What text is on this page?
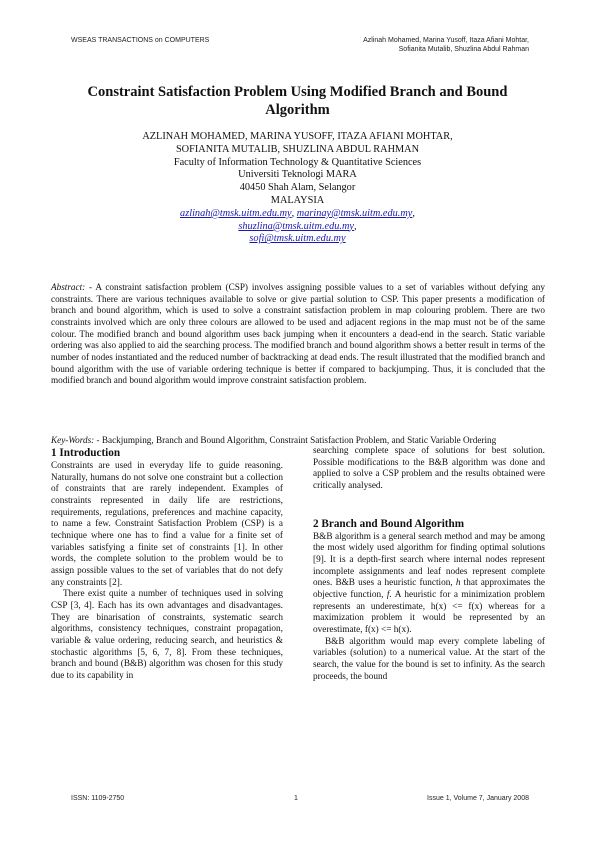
WSEAS TRANSACTIONS on COMPUTERS	Azlinah Mohamed, Marina Yusoff, Itaza Afiani Mohtar,
Sofianita Mutalib, Shuzlina Abdul Rahman
Constraint Satisfaction Problem Using Modified Branch and Bound Algorithm
AZLINAH MOHAMED, MARINA YUSOFF, ITAZA AFIANI MOHTAR,
SOFIANITA MUTALIB, SHUZLINA ABDUL RAHMAN
Faculty of Information Technology & Quantitative Sciences
Universiti Teknologi MARA
40450 Shah Alam, Selangor
MALAYSIA
azlinah@tmsk.uitm.edu.my, marinay@tmsk.uitm.edu.my,
shuzlina@tmsk.uitm.edu.my,
sofi@tmsk.uitm.edu.my
Abstract: - A constraint satisfaction problem (CSP) involves assigning possible values to a set of variables without defying any constraints. There are various techniques available to solve or give partial solution to CSP. This paper presents a modification of branch and bound algorithm, which is used to solve a constraint satisfaction problem in map colouring problem. There are two constraints involved which are only three colours are allowed to be used and adjacent regions in the map must not be of the same colour. The modified branch and bound algorithm uses back jumping when it encounters a dead-end in the search. Static variable ordering was also applied to aid the searching process. The modified branch and bound algorithm shows a better result in terms of the number of nodes instantiated and the reduced number of backtracking at dead ends. The result illustrated that the modified branch and bound algorithm with the use of variable ordering technique is better if compared to backjumping. Thus, it is concluded that the modified branch and bound algorithm would improve constraint satisfaction problem.
Key-Words: - Backjumping, Branch and Bound Algorithm, Constraint Satisfaction Problem, and Static Variable Ordering
1 Introduction

Constraints are used in everyday life to guide reasoning. Naturally, humans do not solve one constraint but a collection of constraints that are rarely independent. Examples of constraints represented in daily life are restrictions, requirements, regulations, preferences and machine capacity, to name a few. Constraint Satisfaction Problem (CSP) is a technique where one has to find a value for a finite set of variables satisfying a finite set of constraints [1]. In other words, the complete solution to the problem would be to assign possible values to the set of variables that do not defy any constraints [2].

There exist quite a number of techniques used in solving CSP [3, 4]. Each has its own advantages and disadvantages. They are binarisation of constraints, systematic search algorithms, consistency techniques, constraint propagation, variable & value ordering, reducing search, and heuristics & stochastic algorithms [5, 6, 7, 8]. From these techniques, branch and bound (B&B) algorithm was chosen for this study due to its capability in

searching complete space of solutions for best solution. Possible modifications to the B&B algorithm was done and applied to solve a CSP problem and the results obtained were critically analysed.

2 Branch and Bound Algorithm

B&B algorithm is a general search method and may be among the most widely used algorithm for finding optimal solutions [9]. It is a depth-first search where internal nodes represent incomplete assignments and leaf nodes represent complete ones. B&B uses a heuristic function, h that approximates the objective function, f. A heuristic for a minimization problem represents an underestimate, h(x) <= f(x) whereas for a maximization problem it would be represented by an overestimate, f(x) <= h(x).

B&B algorithm would map every complete labeling of variables (solution) to a numerical value. At the start of the search, the value for the bound is set to infinity. As the search proceeds, the bound

ISSN: 1109-2750	1	Issue 1, Volume 7, January 2008
